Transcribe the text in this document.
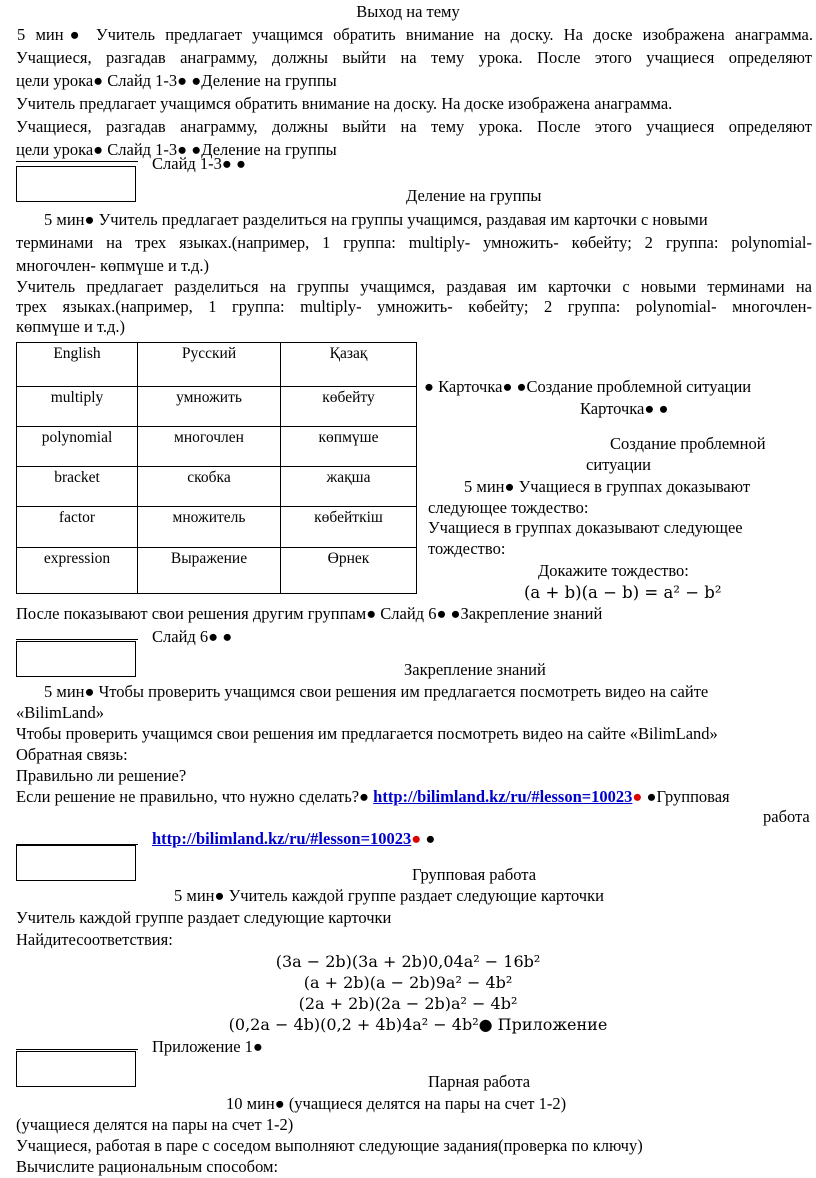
Выход на тему
5 мин● Учитель предлагает учащимся обратить внимание на доску. На доске изображена анаграмма.
Учащиеся, разгадав анаграмму, должны выйти на тему урока. После этого учащиеся определяют
цели урока● Слайд 1-3● ●Деление на группы
Учитель предлагает учащимся обратить внимание на доску. На доске изображена анаграмма.
Учащиеся, разгадав анаграмму, должны выйти на тему урока. После этого учащиеся определяют
цели урока● Слайд 1-3● ●Деление на группы
Слайд 1-3● ●
Деление на группы
5 мин● Учитель предлагает разделиться на группы учащимся, раздавая им карточки с новыми
терминами на трех языках.(например, 1 группа: multiply- умножить- көбейту; 2 группа: polynomial-
многочлен- көпмүше и т.д.)
Учитель предлагает разделиться на группы учащимся, раздавая им карточки с новыми терминами на
трех языках.(например, 1 группа: multiply- умножить- көбейту; 2 группа: polynomial- многочлен-
көпмүше и т.д.)
English	Русский	Қазақ
multiply	умножить	көбейту
polynomial	многочлен	көпмүше
bracket	скобка	жақша
factor	множитель	көбейткіш
expression	Выражение	Өрнек
● Карточка● ●Создание проблемной ситуации
Карточка● ●
Создание проблемной
ситуации
5 мин● Учащиеся в группах доказывают
следующее тождество:
Учащиеся в группах доказывают следующее
тождество:
Докажите тождество:
(a + b)(a − b) = a² − b²
После показывают свои решения другим группам● Слайд 6● ●Закрепление знаний
Слайд 6● ●
Закрепление знаний
5 мин● Чтобы проверить учащимся свои решения им предлагается посмотреть видео на сайте
«BilimLand»
Чтобы проверить учащимся свои решения им предлагается посмотреть видео на сайте «BilimLand»
Обратная связь:
Правильно ли решение?
Если решение не правильно, что нужно сделать?● http://bilimland.kz/ru/#lesson=10023● ●Групповая
работа
http://bilimland.kz/ru/#lesson=10023● ●
Групповая работа
5 мин● Учитель каждой группе раздает следующие карточки
Учитель каждой группе раздает следующие карточки
Найдитесоответствия:
(3a − 2b)(3a + 2b)0,04a² − 16b²
(a + 2b)(a − 2b)9a² − 4b²
(2a + 2b)(2a − 2b)a² − 4b²
(0,2a − 4b)(0,2 + 4b)4a² − 4b²● Приложение
Приложение 1●
Парная работа
10 мин● (учащиеся делятся на пары на счет 1-2)
(учащиеся делятся на пары на счет 1-2)
Учащиеся, работая в паре с соседом выполняют следующие задания(проверка по ключу)
Вычислите рациональным способом:
